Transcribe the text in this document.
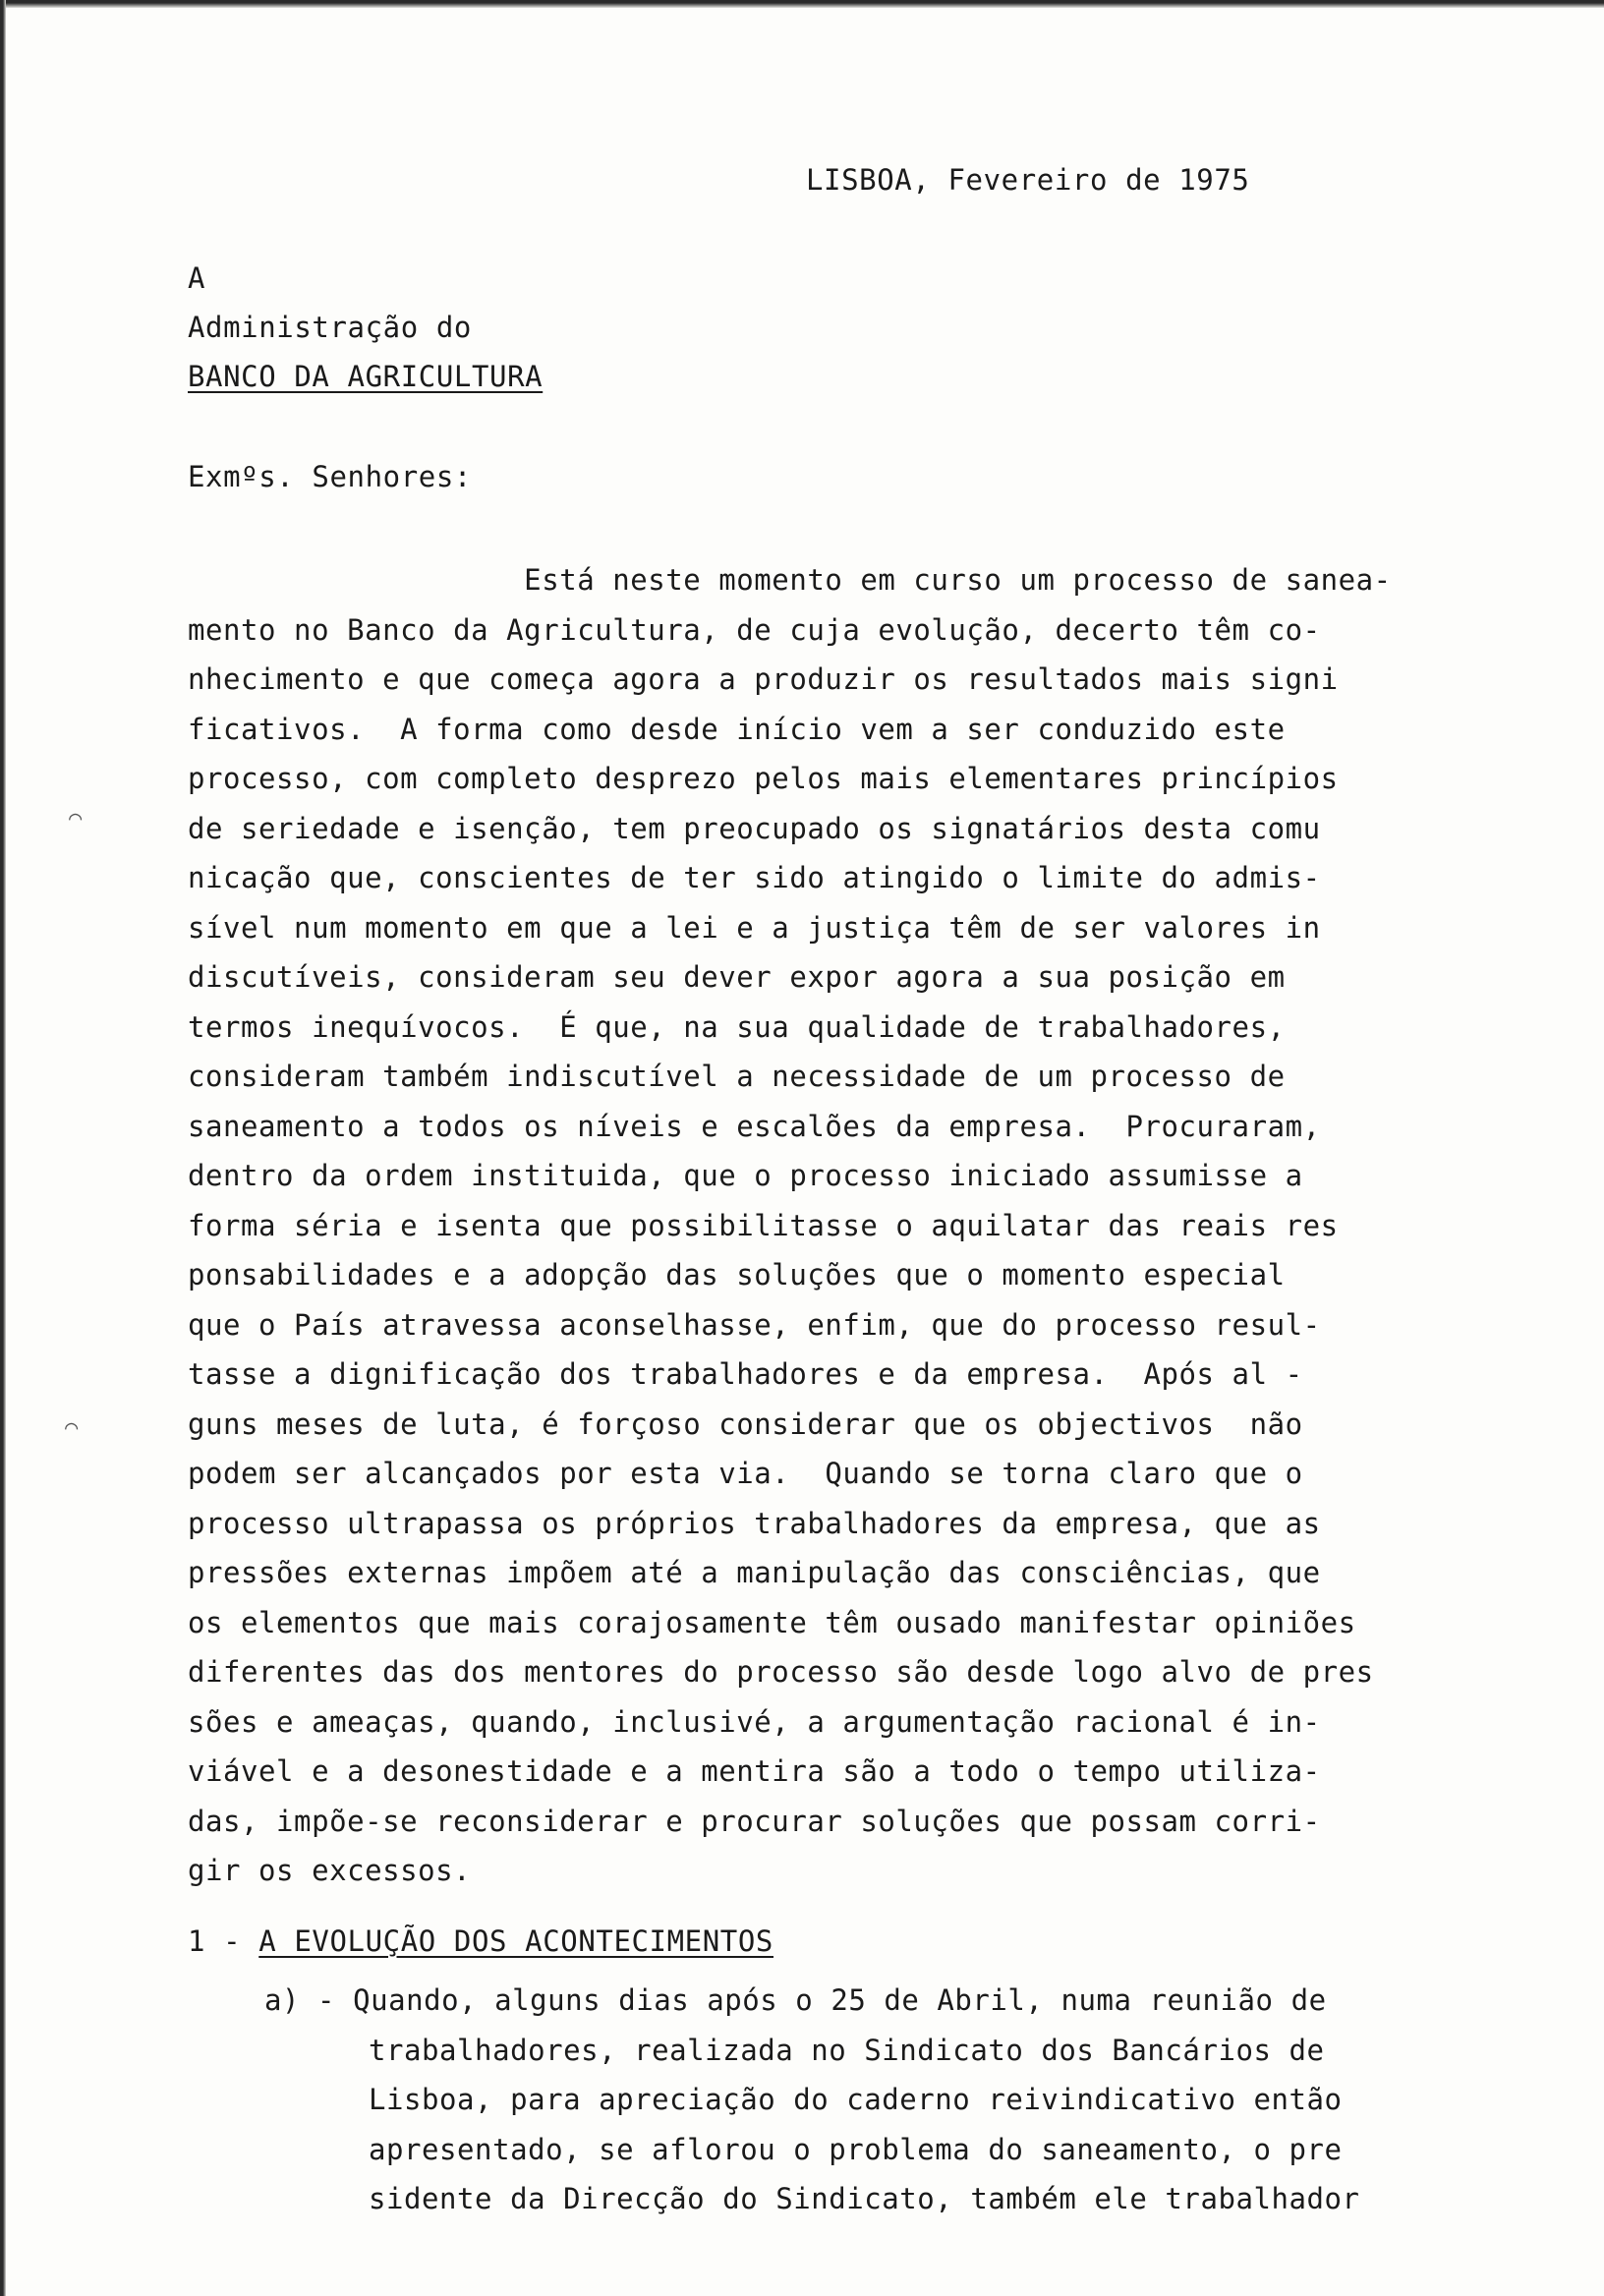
⌒
⌒
LISBOA, Fevereiro de 1975
A
Administração do
BANCO DA AGRICULTURA
Exmºs. Senhores:
Está neste momento em curso um processo de sanea-
mento no Banco da Agricultura, de cuja evolução, decerto têm co-
nhecimento e que começa agora a produzir os resultados mais signi
ficativos.  A forma como desde início vem a ser conduzido este
processo, com completo desprezo pelos mais elementares princípios
de seriedade e isenção, tem preocupado os signatários desta comu
nicação que, conscientes de ter sido atingido o limite do admis-
sível num momento em que a lei e a justiça têm de ser valores in
discutíveis, consideram seu dever expor agora a sua posição em
termos inequívocos.  É que, na sua qualidade de trabalhadores,
consideram também indiscutível a necessidade de um processo de
saneamento a todos os níveis e escalões da empresa.  Procuraram,
dentro da ordem instituida, que o processo iniciado assumisse a
forma séria e isenta que possibilitasse o aquilatar das reais res
ponsabilidades e a adopção das soluções que o momento especial
que o País atravessa aconselhasse, enfim, que do processo resul-
tasse a dignificação dos trabalhadores e da empresa.  Após al -
guns meses de luta, é forçoso considerar que os objectivos  não
podem ser alcançados por esta via.  Quando se torna claro que o
processo ultrapassa os próprios trabalhadores da empresa, que as
pressões externas impõem até a manipulação das consciências, que
os elementos que mais corajosamente têm ousado manifestar opiniões
diferentes das dos mentores do processo são desde logo alvo de pres
sões e ameaças, quando, inclusivé, a argumentação racional é in-
viável e a desonestidade e a mentira são a todo o tempo utiliza-
das, impõe-se reconsiderar e procurar soluções que possam corri-
gir os excessos.
1 - A EVOLUÇÃO DOS ACONTECIMENTOS
a) - Quando, alguns dias após o 25 de Abril, numa reunião de
trabalhadores, realizada no Sindicato dos Bancários de
Lisboa, para apreciação do caderno reivindicativo então
apresentado, se aflorou o problema do saneamento, o pre
sidente da Direcção do Sindicato, também ele trabalhador
